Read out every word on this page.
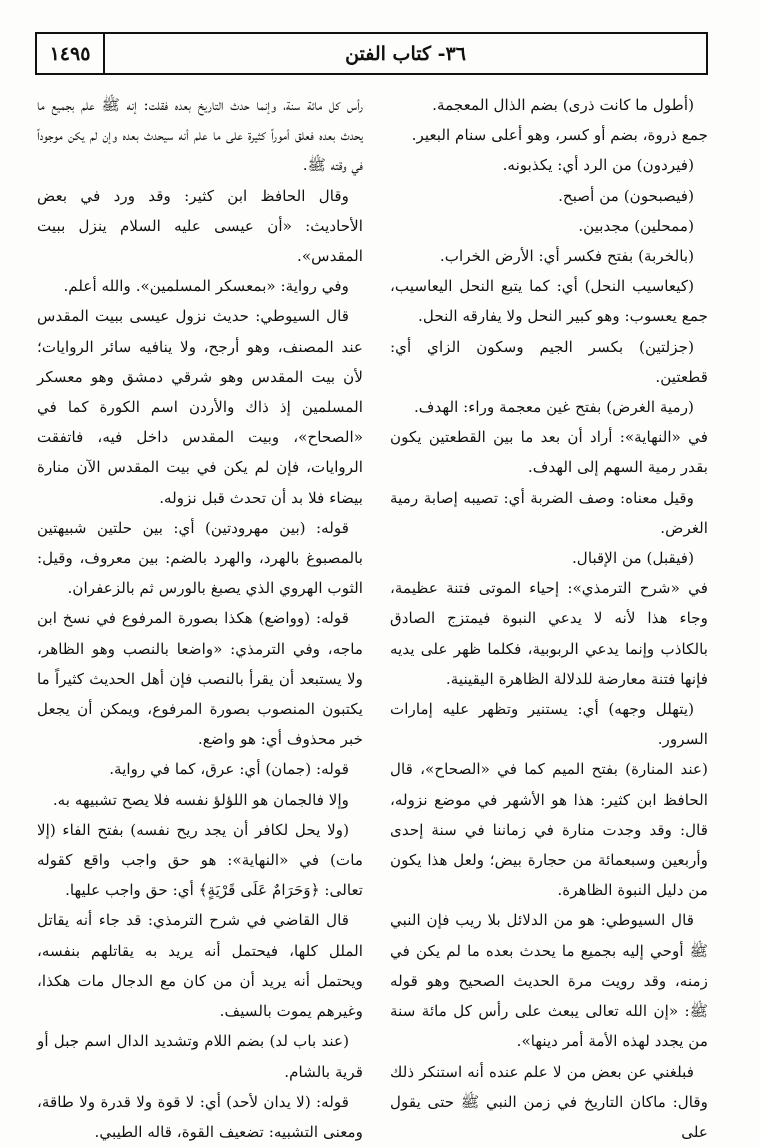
١٤٩٥	٣٦- كتاب الفتن

(أطول ما كانت ذرى) بضم الذال المعجمة.

جمع ذروة، بضم أو كسر، وهو أعلى سنام البعير.

(فيردون) من الرد أي: يكذبونه.

(فيصبحون) من أصبح.

(ممحلين) مجدبين.

(بالخربة) بفتح فكسر أي: الأرض الخراب.

(كيعاسيب النحل) أي: كما يتبع النحل اليعاسيب، جمع يعسوب: وهو كبير النحل ولا يفارقه النحل.

(جزلتين) بكسر الجيم وسكون الزاي أي: قطعتين.

(رمية الغرض) بفتح غين معجمة وراء: الهدف.

في «النهاية»: أراد أن بعد ما بين القطعتين يكون بقدر رمية السهم إلى الهدف.

وقيل معناه: وصف الضربة أي: تصيبه إصابة رمية الغرض.

(فيقبل) من الإقبال.

في «شرح الترمذي»: إحياء الموتى فتنة عظيمة، وجاء هذا لأنه لا يدعي النبوة فيمتزج الصادق بالكاذب وإنما يدعي الربوبية، فكلما ظهر على يديه فإنها فتنة معارضة للدلالة الظاهرة اليقينية.

(يتهلل وجهه) أي: يستنير وتظهر عليه إمارات السرور.

(عند المنارة) بفتح الميم كما في «الصحاح»، قال الحافظ ابن كثير: هذا هو الأشهر في موضع نزوله، قال: وقد وجدت منارة في زماننا في سنة إحدى وأربعين وسبعمائة من حجارة بيض؛ ولعل هذا يكون من دليل النبوة الظاهرة.

قال السيوطي: هو من الدلائل بلا ريب فإن النبي ﷺ أوحي إليه بجميع ما يحدث بعده ما لم يكن في زمنه، وقد رويت مرة الحديث الصحيح وهو قوله ﷺ: «إن الله تعالى يبعث على رأس كل مائة سنة من يجدد لهذه الأمة أمر دينها».

فبلغني عن بعض من لا علم عنده أنه استنكر ذلك وقال: ماكان التاريخ في زمن النبي ﷺ حتى يقول على

رأس كل مائة سنة، وإنما حدث التاريخ بعده فقلت: إنه ﷺ علم بجميع ما يحدث بعده فعلق أموراً كثيرة على ما علم أنه سيحدث بعده وإن لم يكن موجوداً في وقته ﷺ.

وقال الحافظ ابن كثير: وقد ورد في بعض الأحاديث: «أن عيسى عليه السلام ينزل ببيت المقدس».

وفي رواية: «بمعسكر المسلمين». والله أعلم.

قال السيوطي: حديث نزول عيسى ببيت المقدس عند المصنف، وهو أرجح، ولا ينافيه سائر الروايات؛ لأن بيت المقدس وهو شرقي دمشق وهو معسكر المسلمين إذ ذاك والأردن اسم الكورة كما في «الصحاح»، وبيت المقدس داخل فيه، فاتفقت الروايات، فإن لم يكن في بيت المقدس الآن منارة بيضاء فلا بد أن تحدث قبل نزوله.

قوله: (بين مهرودتين) أي: بين حلتين شبيهتين بالمصبوغ بالهرد، والهرد بالضم: بين معروف، وقيل: الثوب الهروي الذي يصبغ بالورس ثم بالزعفران.

قوله: (وواضع) هكذا بصورة المرفوع في نسخ ابن ماجه، وفي الترمذي: «واضعا بالنصب وهو الظاهر، ولا يستبعد أن يقرأ بالنصب فإن أهل الحديث كثيراً ما يكتبون المنصوب بصورة المرفوع، ويمكن أن يجعل خبر محذوف أي: هو واضع.

قوله: (جمان) أي: عرق، كما في رواية.

وإلا فالجمان هو اللؤلؤ نفسه فلا يصح تشبيهه به.

(ولا يحل لكافر أن يجد ريح نفسه) بفتح الفاء (إلا مات) في «النهاية»: هو حق واجب واقع كقوله تعالى: ﴿وَحَرَامٌ عَلَى قَرْيَةٍ﴾ أي: حق واجب عليها.

قال القاضي في شرح الترمذي: قد جاء أنه يقاتل الملل كلها، فيحتمل أنه يريد به يقاتلهم بنفسه، ويحتمل أنه يريد أن من كان مع الدجال مات هكذا، وغيرهم يموت بالسيف.

(عند باب لد) بضم اللام وتشديد الدال اسم جبل أو قرية بالشام.

قوله: (لا يدان لأحد) أي: لا قوة ولا قدرة ولا طاقة، ومعنى التشبيه: تضعيف القوة، قاله الطيبي.
